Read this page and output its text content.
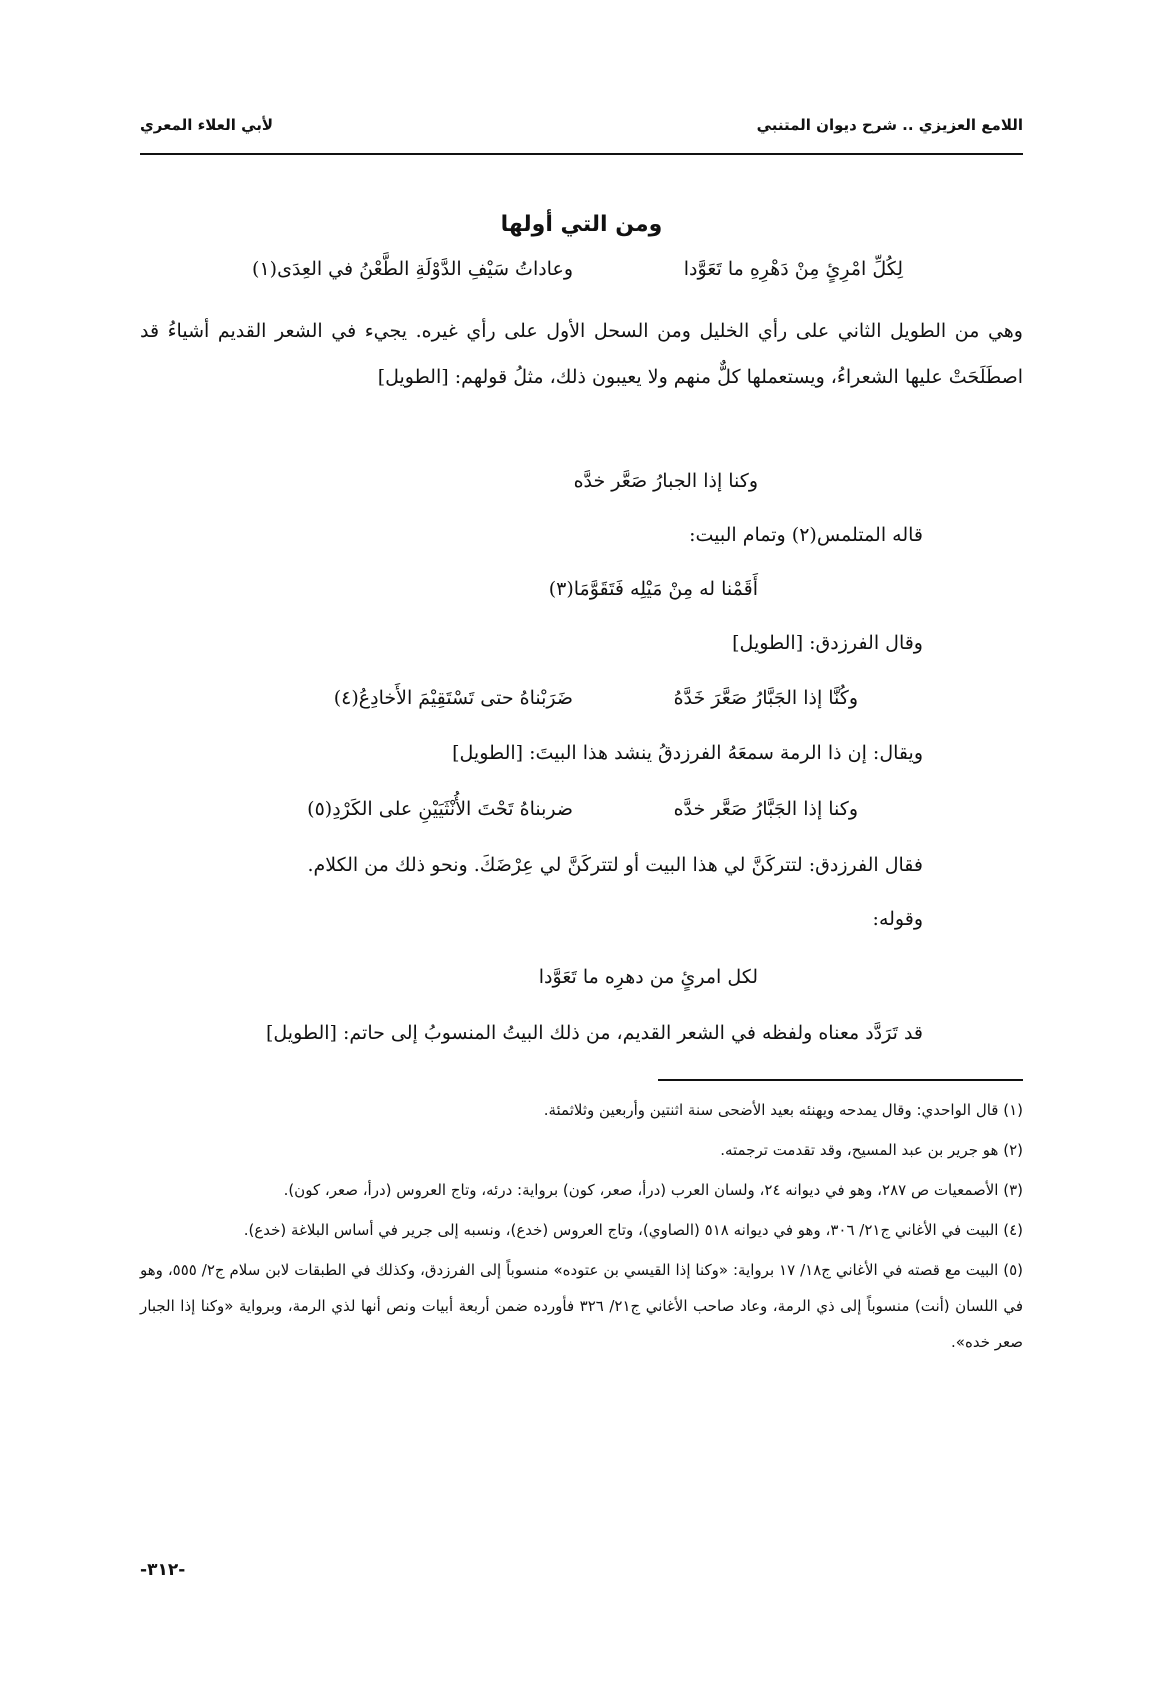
اللامع العزيزي .. شرح ديوان المتنبي
لأبي العلاء المعري
ومن التي أولها
لِكُلِّ امْرِئٍ مِنْ دَهْرِهِ ما تَعَوَّدا
وعاداتُ سَيْفِ الدَّوْلَةِ الطَّعْنُ في العِدَى(١)
وهي من الطويل الثاني على رأي الخليل ومن السحل الأول على رأي غيره. يجيء في الشعر القديم أشياءُ قد اصطَلَحَتْ عليها الشعراءُ، ويستعملها كلٌّ منهم ولا يعيبون ذلك، مثلُ قولهم: [الطويل]
وكنا إذا الجبارُ صَعَّر خدَّه
قاله المتلمس(٢) وتمام البيت:
أَقَمْنا له مِنْ مَيْلِه فَتَقَوَّمَا(٣)
وقال الفرزدق: [الطويل]
وكُنَّا إذا الجَبَّارُ صَعَّرَ خَدَّهُ
ضَرَبْناهُ حتى تَسْتَقِيْمَ الأَخادِعُ(٤)
ويقال: إن ذا الرمة سمعَهُ الفرزدقُ ينشد هذا البيتَ: [الطويل]
وكنا إذا الجَبَّارُ صَعَّر خدَّه
ضربناهُ تَحْتَ الأُنْثَيَيْنِ على الكَرْدِ(٥)
فقال الفرزدق: لتتركَنَّ لي هذا البيت أو لتتركَنَّ لي عِرْضَكَ. ونحو ذلك من الكلام.
وقوله:
لكل امرئٍ من دهرِه ما تَعَوَّدا
قد تَرَدَّد معناه ولفظه في الشعر القديم، من ذلك البيتُ المنسوبُ إلى حاتم: [الطويل]

(١) قال الواحدي: وقال يمدحه ويهنئه بعيد الأضحى سنة اثنتين وأربعين وثلاثمئة.

(٢) هو جرير بن عبد المسيح، وقد تقدمت ترجمته.

(٣) الأصمعيات ص ٢٨٧، وهو في ديوانه ٢٤، ولسان العرب (درأ، صعر، كون) برواية: درئه، وتاج العروس (درأ، صعر، كون).

(٤) البيت في الأغاني ج٢١/ ٣٠٦، وهو في ديوانه ٥١٨ (الصاوي)، وتاج العروس (خدع)، ونسبه إلى جرير في أساس البلاغة (خدع).

(٥) البيت مع قصته في الأغاني ج١٨/ ١٧ برواية: «وكنا إذا القيسي بن عتوده» منسوباً إلى الفرزدق، وكذلك في الطبقات لابن سلام ج٢/ ٥٥٥، وهو في اللسان (أنت) منسوباً إلى ذي الرمة، وعاد صاحب الأغاني ج٢١/ ٣٢٦ فأورده ضمن أربعة أبيات ونص أنها لذي الرمة، وبرواية «وكنا إذا الجبار صعر خده».

-٣١٢-
